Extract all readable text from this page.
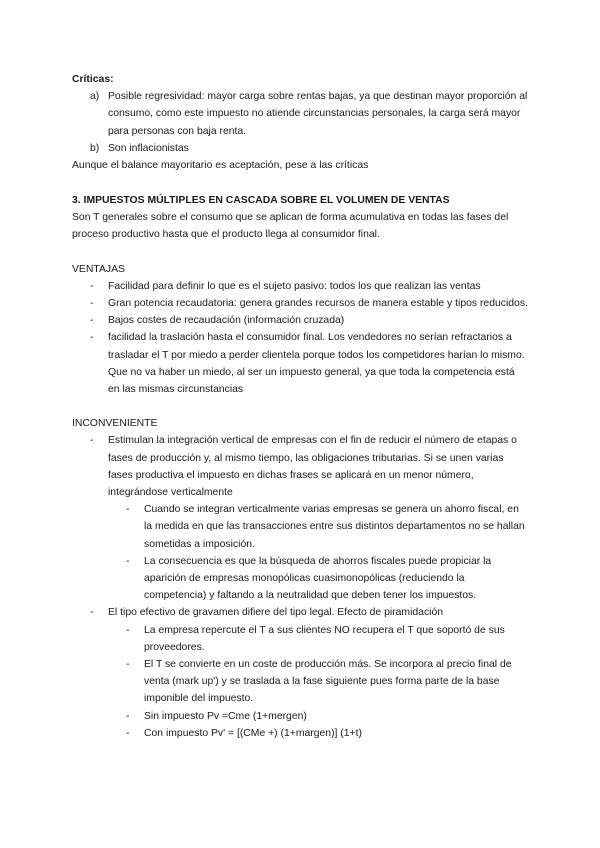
Críticas:

a) Posible regresividad: mayor carga sobre rentas bajas, ya que destinan mayor proporción al consumo, como este impuesto no atiende circunstancias personales, la carga será mayor para personas con baja renta.
b) Son inflacionistas

Aunque el balance mayoritario es aceptación, pese a las críticas

3. IMPUESTOS MÚLTIPLES EN CASCADA SOBRE EL VOLUMEN DE VENTAS

Son T generales sobre el consumo que se aplican de forma acumulativa en todas las fases del proceso productivo hasta que el producto llega al consumidor final.

VENTAJAS

-	Facilidad para definir lo que es el sujeto pasivo: todos los que realizan las ventas
-	Gran potencia recaudatoria: genera grandes recursos de manera estable y tipos reducidos.
-	Bajos costes de recaudación (información cruzada)
-	facilidad la traslación hasta el consumidor final. Los vendedores no serían refractarios a trasladar el T por miedo a perder clientela porque todos los competidores harían lo mismo. Que no va haber un miedo, al ser un impuesto general, ya que toda la competencia está en las mismas circunstancias

INCONVENIENTE

-	Estimulan la integración vertical de empresas con el fin de reducir el número de etapas o fases de producción y, al mismo tiempo, las obligaciones tributarias. Si se unen varias fases productiva el impuesto en dichas frases se aplicará en un menor número, integrándose verticalmente
-	Cuando se integran verticalmente varias empresas se genera un ahorro fiscal, en la medida en que las transacciones entre sus distintos departamentos no se hallan sometidas a imposición.
-	La consecuencia es que la búsqueda de ahorros fiscales puede propiciar la aparición de empresas monopólicas cuasimonopólicas (reduciendo la competencia) y faltando a la neutralidad que deben tener los impuestos.
-	El tipo efectivo de gravamen difiere del tipo legal. Efecto de piramidación
-	La empresa repercute el T a sus clientes NO recupera el T que soportó de sus proveedores.
-	El T se convierte en un coste de producción más. Se incorpora al precio final de venta (mark up') y se traslada a la fase siguiente pues forma parte de la base imponible del impuesto.
-	Sin impuesto Pv =Cme (1+mergen)
-	Con impuesto Pv' = [(CMe +) (1+margen)] (1+t)
